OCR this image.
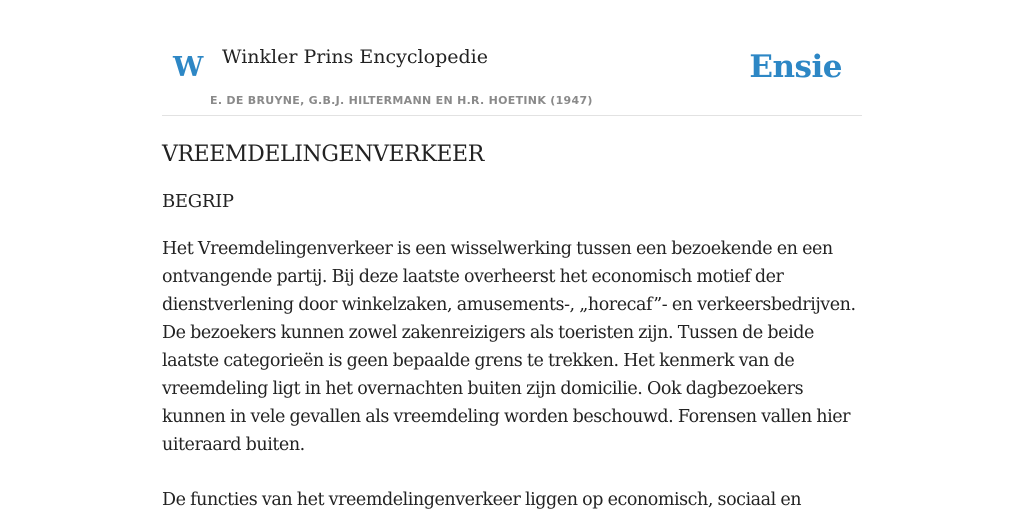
W Winkler Prins Encyclopedie
E. DE BRUYNE, G.B.J. HILTERMANN EN H.R. HOETINK (1947)
Ensie
VREEMDELINGENVERKEER
BEGRIP

Het Vreemdelingenverkeer is een wisselwerking tussen een bezoekende en een
ontvangende partij. Bij deze laatste overheerst het economisch motief der
dienstverlening door winkelzaken, amusements-, „horecaf”- en verkeersbedrijven.
De bezoekers kunnen zowel zakenreizigers als toeristen zijn. Tussen de beide
laatste categorieën is geen bepaalde grens te trekken. Het kenmerk van de
vreemdeling ligt in het overnachten buiten zijn domicilie. Ook dagbezoekers
kunnen in vele gevallen als vreemdeling worden beschouwd. Forensen vallen hier
uiteraard buiten.

De functies van het vreemdelingenverkeer liggen op economisch, sociaal en
